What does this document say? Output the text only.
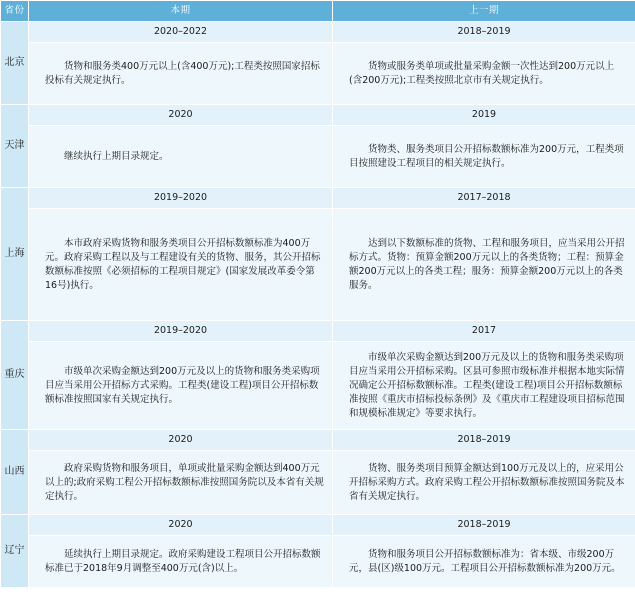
省份	本期	上一期
北京	2020–2022	2018–2019

	货物和服务类400万元以上(含400万元);工程类按照国家招标投标有关规定执行。	货物或服务类单项或批量采购金额一次性达到200万元以上(含200万元);工程类按照北京市有关规定执行。

天津	2020	2019

	继续执行上期目录规定。	货物类、服务类项目公开招标数额标准为200万元，工程类项目按照建设工程项目的相关规定执行。

上海	2019–2020	2017–2018

	本市政府采购货物和服务类项目公开招标数额标准为400万元。政府采购工程以及与工程建设有关的货物、服务，其公开招标数额标准按照《必须招标的工程项目规定》(国家发展改革委令第16号)执行。	达到以下数额标准的货物、工程和服务项目，应当采用公开招标方式。货物：预算金额200万元以上的各类货物；工程：预算金额200万元以上的各类工程；服务：预算金额200万元以上的各类服务。

重庆	2019–2020	2017

	市级单次采购金额达到200万元及以上的货物和服务类采购项目应当采用公开招标方式采购。工程类(建设工程)项目公开招标数额标准按照国家有关规定执行。	市级单次采购金额达到200万元及以上的货物和服务类采购项目应当采用公开招标采购。区县可参照市级标准并根据本地实际情况确定公开招标数额标准。工程类(建设工程)项目公开招标数额标准按照《重庆市招标投标条例》及《重庆市工程建设项目招标范围和规模标准规定》等要求执行。

山西	2020	2018–2019

	政府采购货物和服务项目，单项或批量采购金额达到400万元以上的;政府采购工程公开招标数额标准按照国务院以及本省有关规定执行。	货物、服务类项目预算金额达到100万元及以上的，应采用公开招标采购方式。政府采购工程公开招标数额标准按照国务院及本省有关规定执行。

辽宁	2020	2018–2019

	延续执行上期目录规定。政府采购建设工程项目公开招标数额标准已于2018年9月调整至400万元(含)以上。	货物和服务项目公开招标数额标准为：省本级、市级200万元，县(区)级100万元。工程项目公开招标数额标准为200万元。
